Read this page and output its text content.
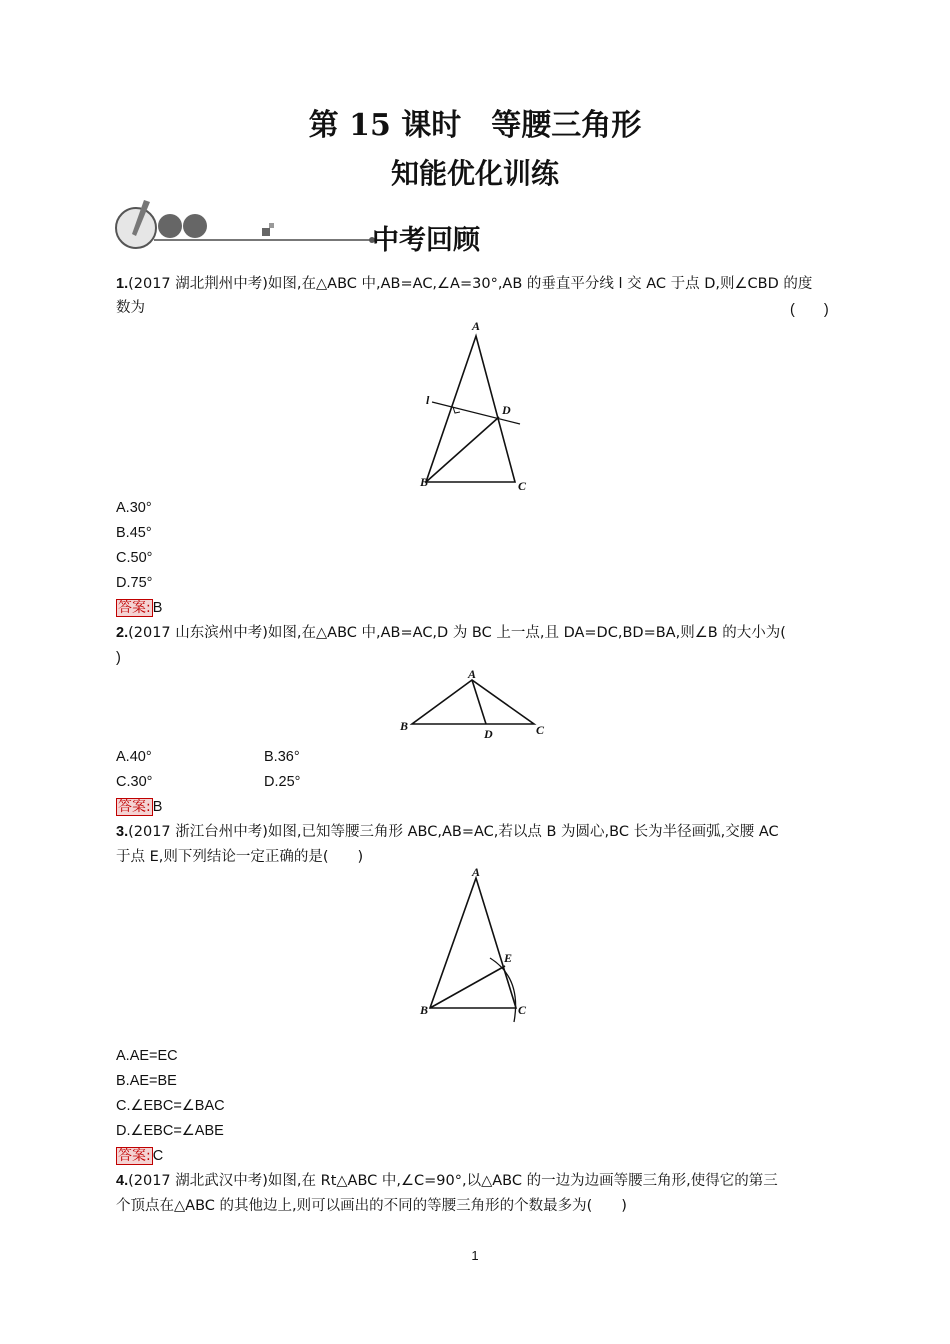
第 15 课时　等腰三角形
知能优化训练
中考回顾
1.(2017 湖北荆州中考)如图,在△ABC 中,AB=AC,∠A=30°,AB 的垂直平分线 l 交 AC 于点 D,则∠CBD 的度
数为	(　　)
A
l
D
B	C
A.30°
B.45°
C.50°
D.75°
答案: B
2.(2017 山东滨州中考)如图,在△ABC 中,AB=AC,D 为 BC 上一点,且 DA=DC,BD=BA,则∠B 的大小为(
)
A
B
D	C
A.40°	B.36°
C.30°	D.25°
答案: B
3.(2017 浙江台州中考)如图,已知等腰三角形 ABC,AB=AC,若以点 B 为圆心,BC 长为半径画弧,交腰 AC
于点 E,则下列结论一定正确的是(　　)
A
E
B	C
A.AE=EC
B.AE=BE
C.∠EBC=∠BAC
D.∠EBC=∠ABE
答案: C
4.(2017 湖北武汉中考)如图,在 Rt△ABC 中,∠C=90°,以△ABC 的一边为边画等腰三角形,使得它的第三
个顶点在△ABC 的其他边上,则可以画出的不同的等腰三角形的个数最多为(　　)
1
